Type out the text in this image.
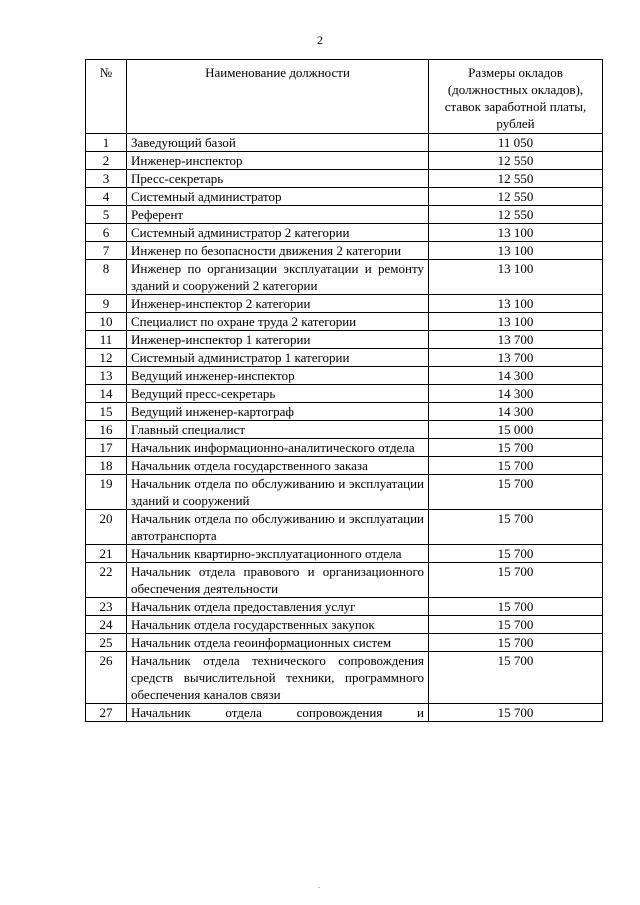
2
№	Наименование должности	Размеры окладов (должностных окладов), ставок заработной платы, рублей
1	Заведующий базой	11 050
2	Инженер-инспектор	12 550
3	Пресс-секретарь	12 550
4	Системный администратор	12 550
5	Референт	12 550
6	Системный администратор 2 категории	13 100
7	Инженер по безопасности движения 2 категории	13 100
8	Инженер по организации эксплуатации и ремонту зданий и сооружений 2 категории	13 100
9	Инженер-инспектор 2 категории	13 100
10	Специалист по охране труда 2 категории	13 100
11	Инженер-инспектор 1 категории	13 700
12	Системный администратор 1 категории	13 700
13	Ведущий инженер-инспектор	14 300
14	Ведущий пресс-секретарь	14 300
15	Ведущий инженер-картограф	14 300
16	Главный специалист	15 000
17	Начальник информационно-аналитического отдела	15 700
18	Начальник отдела государственного заказа	15 700
19	Начальник отдела по обслуживанию и эксплуатации зданий и сооружений	15 700
20	Начальник отдела по обслуживанию и эксплуатации автотранспорта	15 700
21	Начальник квартирно-эксплуатационного отдела	15 700
22	Начальник отдела правового и организационного обеспечения деятельности	15 700
23	Начальник отдела предоставления услуг	15 700
24	Начальник отдела государственных закупок	15 700
25	Начальник отдела геоинформационных систем	15 700
26	Начальник отдела технического сопровождения средств вычислительной техники, программного обеспечения каналов связи	15 700
27	Начальник отдела сопровождения и	15 700
